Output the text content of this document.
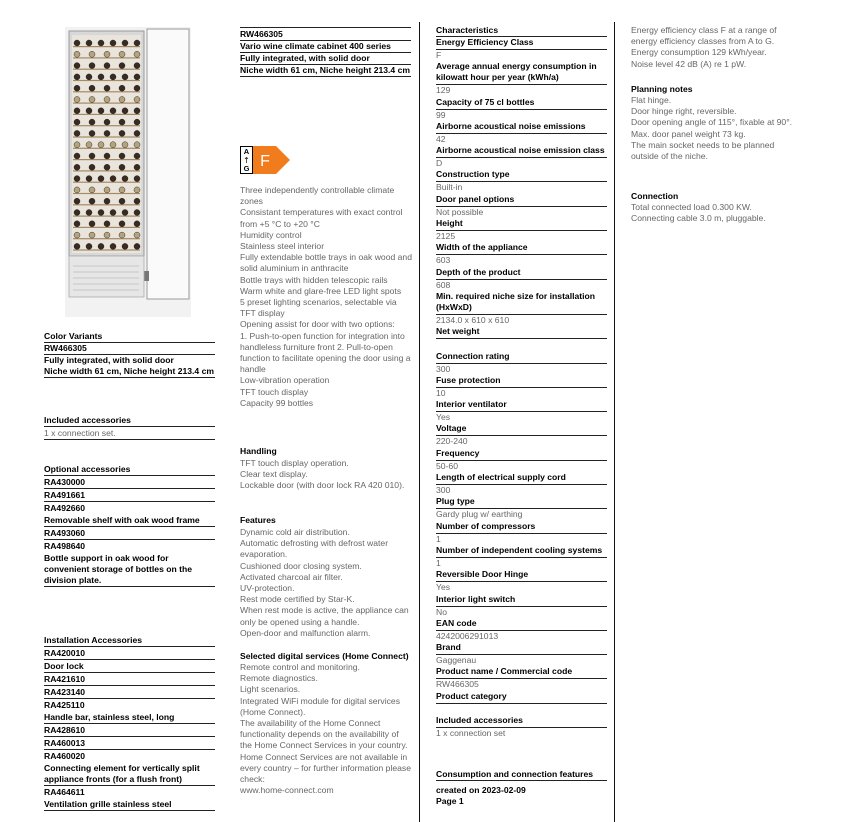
Color Variants
RW466305
Fully integrated, with solid door
Niche width 61 cm, Niche height 213.4 cm
Included accessories
1 x connection set.
Optional accessories
RA430000
RA491661
RA492660
Removable shelf with oak wood frame
RA493060
RA498640
Bottle support in oak wood for convenient storage of bottles on the division plate.
Installation Accessories
RA420010
Door lock
RA421610
RA423140
RA425110
Handle bar, stainless steel, long
RA428610
RA460013
RA460020
Connecting element for vertically split appliance fronts (for a flush front)
RA464611
Ventilation grille stainless steel
RW466305
Vario wine climate cabinet 400 series
Fully integrated, with solid door
Niche width 61 cm, Niche height 213.4 cm
A
↑
G F
Three independently controllable climate zones
Consistant temperatures with exact control from +5 °C to +20 °C
Humidity control
Stainless steel interior
Fully extendable bottle trays in oak wood and solid aluminium in anthracite
Bottle trays with hidden telescopic rails
Warm white and glare-free LED light spots
5 preset lighting scenarios, selectable via TFT display
Opening assist for door with two options:
1. Push-to-open function for integration into handleless furniture front 2. Pull-to-open function to facilitate opening the door using a handle
Low-vibration operation
TFT touch display
Capacity 99 bottles
Handling
TFT touch display operation.
Clear text display.
Lockable door (with door lock RA 420 010).
Features
Dynamic cold air distribution.
Automatic defrosting with defrost water evaporation.
Cushioned door closing system.
Activated charcoal air filter.
UV-protection.
Rest mode certified by Star-K.
When rest mode is active, the appliance can only be opened using a handle.
Open-door and malfunction alarm.
Selected digital services (Home Connect)
Remote control and monitoring.
Remote diagnostics.
Light scenarios.
Integrated WiFi module for digital services
(Home Connect).
The availability of the Home Connect functionality depends on the availability of the Home Connect Services in your country. Home Connect Services are not available in every country – for further information please check:
www.home-connect.com
Characteristics
Energy Efficiency Class
F
Average annual energy consumption in kilowatt hour per year (kWh/a)
129
Capacity of 75 cl bottles
99
Airborne acoustical noise emissions
42
Airborne acoustical noise emission class
D
Construction type
Built-in
Door panel options
Not possible
Height
2125
Width of the appliance
603
Depth of the product
608
Min. required niche size for installation (HxWxD)
2134.0 x 610 x 610
Net weight
Connection rating
300
Fuse protection
10
Interior ventilator
Yes
Voltage
220-240
Frequency
50-60
Length of electrical supply cord
300
Plug type
Gardy plug w/ earthing
Number of compressors
1
Number of independent cooling systems
1
Reversible Door Hinge
Yes
Interior light switch
No
EAN code
4242006291013
Brand
Gaggenau
Product name / Commercial code
RW466305
Product category
Included accessories
1 x connection set
Consumption and connection features
created on 2023-02-09
Page 1
Energy efficiency class F at a range of energy efficiency classes from A to G.
Energy consumption 129 kWh/year.
Noise level 42 dB (A) re 1 pW.
Planning notes
Flat hinge.
Door hinge right, reversible.
Door opening angle of 115°, fixable at 90°.
Max. door panel weight 73 kg.
The main socket needs to be planned outside of the niche.
Connection
Total connected load 0.300 KW.
Connecting cable 3.0 m, pluggable.
